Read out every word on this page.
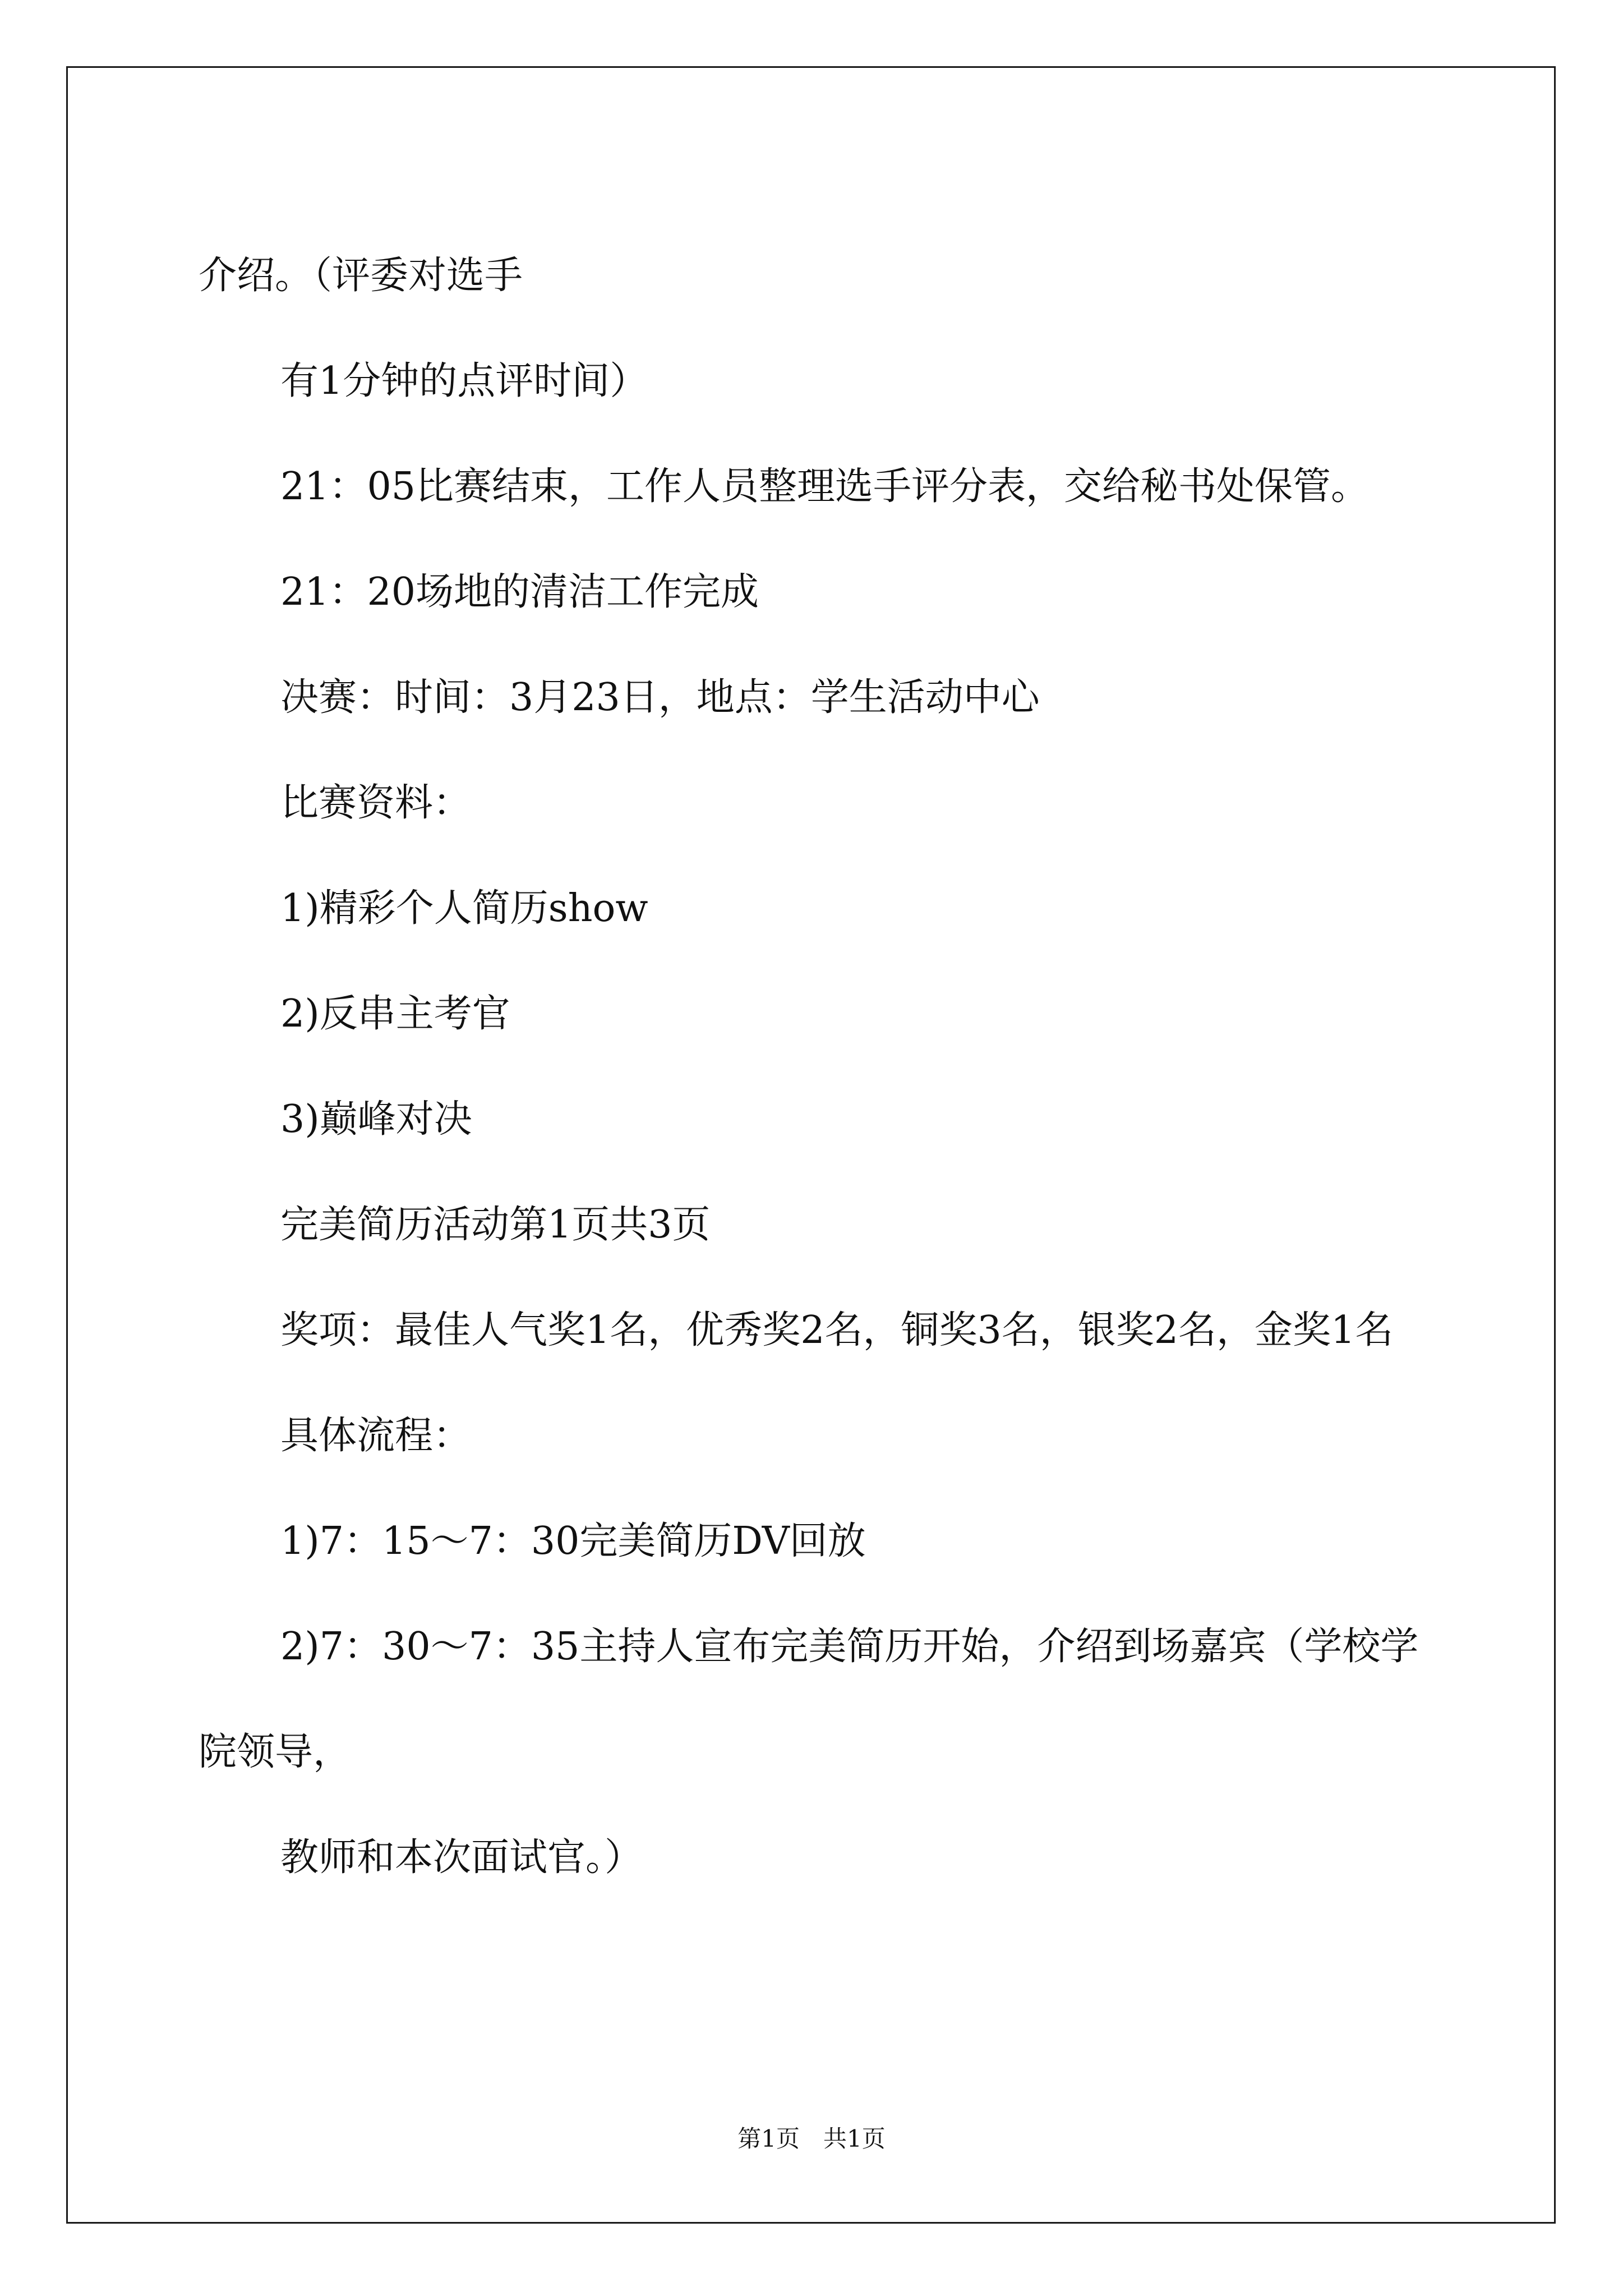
介绍。（评委对选手

有1分钟的点评时间）

21：05比赛结束，工作人员整理选手评分表，交给秘书处保管。

21：20场地的清洁工作完成

决赛：时间：3月23日，地点：学生活动中心

比赛资料：

1)精彩个人简历show

2)反串主考官

3)巅峰对决

完美简历活动第1页共3页

奖项：最佳人气奖1名，优秀奖2名，铜奖3名，银奖2名，金奖1名

具体流程：

1)7：15～7：30完美简历DV回放

2)7：30～7：35主持人宣布完美简历开始，介绍到场嘉宾（学校学院领导，

教师和本次面试官。）

第1页　共1页
